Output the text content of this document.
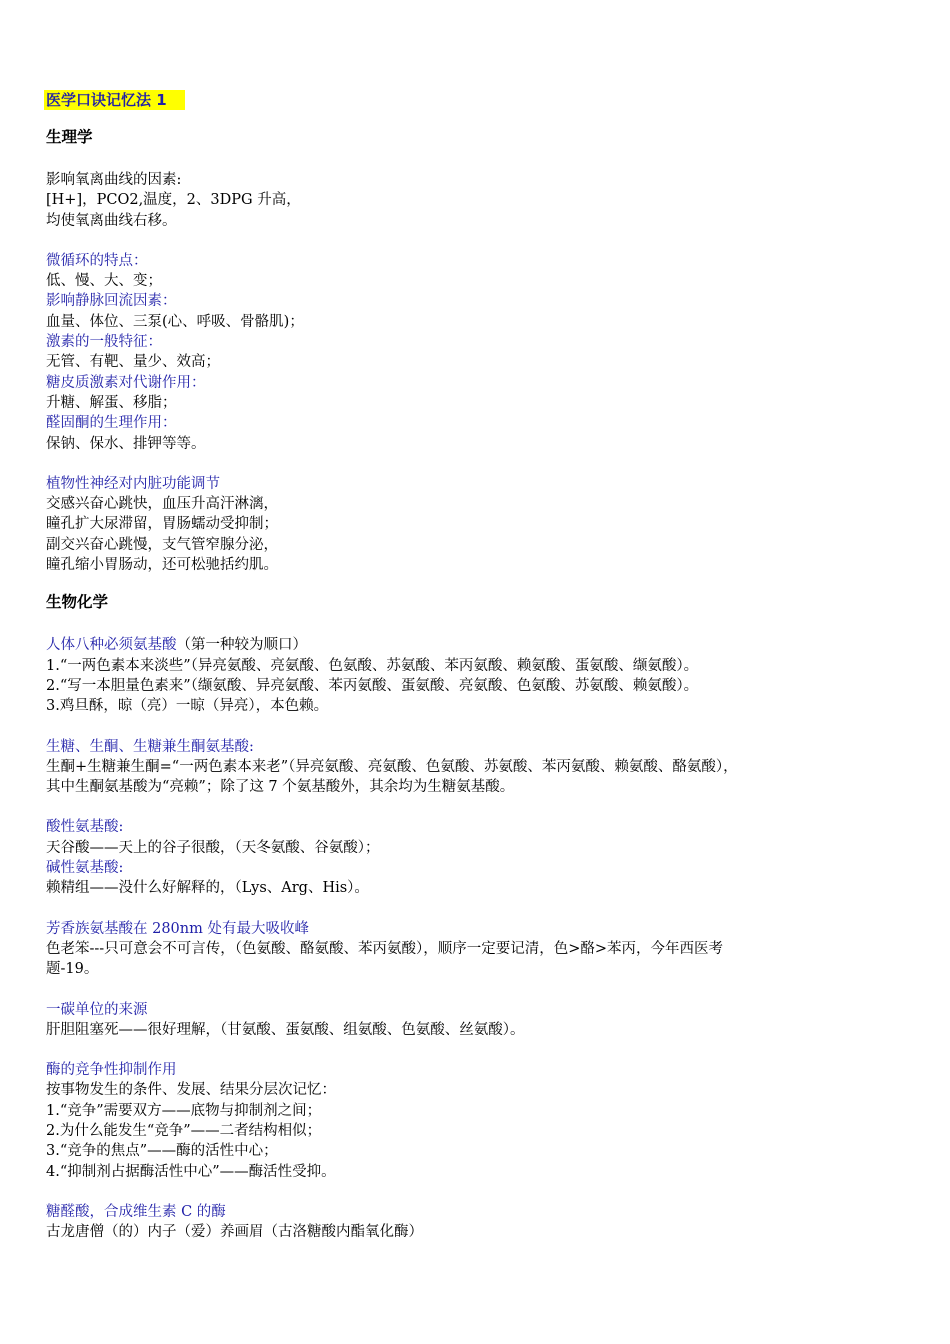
医学口诀记忆法 1

生理学

影响氧离曲线的因素:

[H+]，PCO2,温度，2、3DPG 升高，

均使氧离曲线右移。

微循环的特点：

低、慢、大、变；

影响静脉回流因素：

血量、体位、三泵(心、呼吸、骨骼肌)；

激素的一般特征：

无管、有靶、量少、效高；

糖皮质激素对代谢作用：

升糖、解蛋、移脂；

醛固酮的生理作用：

保钠、保水、排钾等等。

植物性神经对内脏功能调节

交感兴奋心跳快，血压升高汗淋漓，

瞳孔扩大尿滞留，胃肠蠕动受抑制；

副交兴奋心跳慢，支气管窄腺分泌，

瞳孔缩小胃肠动，还可松驰括约肌。

生物化学

人体八种必须氨基酸（第一种较为顺口）

1.“一两色素本来淡些”（异亮氨酸、亮氨酸、色氨酸、苏氨酸、苯丙氨酸、赖氨酸、蛋氨酸、缬氨酸）。

2.“写一本胆量色素来”（缬氨酸、异亮氨酸、苯丙氨酸、蛋氨酸、亮氨酸、色氨酸、苏氨酸、赖氨酸）。

3.鸡旦酥，晾（亮）一晾（异亮），本色赖。

生糖、生酮、生糖兼生酮氨基酸:

生酮+生糖兼生酮=“一两色素本来老”（异亮氨酸、亮氨酸、色氨酸、苏氨酸、苯丙氨酸、赖氨酸、酪氨酸），

其中生酮氨基酸为“亮赖”；除了这 7 个氨基酸外，其余均为生糖氨基酸。

酸性氨基酸:

天谷酸——天上的谷子很酸，（天冬氨酸、谷氨酸）；

碱性氨基酸:

赖精组——没什么好解释的，（Lys、Arg、His）。

芳香族氨基酸在 280nm 处有最大吸收峰

色老笨---只可意会不可言传，（色氨酸、酪氨酸、苯丙氨酸），顺序一定要记清，色>酪>苯丙，今年西医考

题-19。

一碳单位的来源

肝胆阻塞死——很好理解，（甘氨酸、蛋氨酸、组氨酸、色氨酸、丝氨酸）。

酶的竞争性抑制作用

按事物发生的条件、发展、结果分层次记忆：

1.“竞争”需要双方——底物与抑制剂之间；

2.为什么能发生“竞争”——二者结构相似；

3.“竞争的焦点”——酶的活性中心；

4.“抑制剂占据酶活性中心”——酶活性受抑。

糖醛酸，合成维生素 C 的酶

古龙唐僧（的）内子（爱）养画眉（古洛糖酸内酯氧化酶）
